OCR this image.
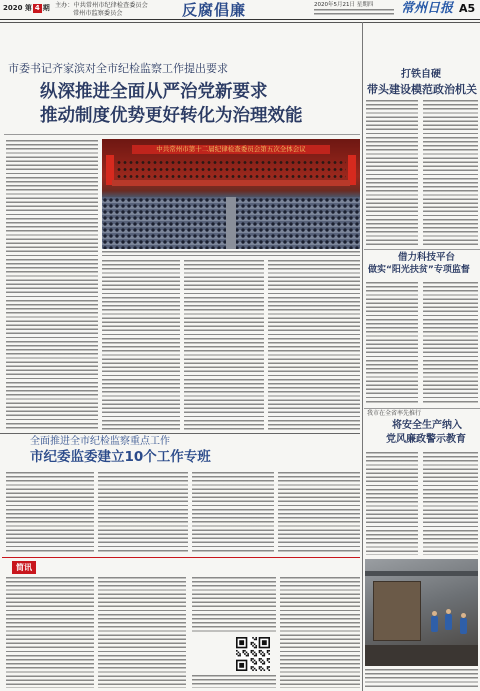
2020 第 4 期 主办：中共常州市纪律检查委员会
常州市监察委员会	反腐倡廉	2020年5月21日 星期四 常州日报 A5
市委书记齐家滨对全市纪检监察工作提出要求
纵深推进全面从严治党新要求
推动制度优势更好转化为治理效能
中共常州市第十二届纪律检查委员会第五次全体会议
全面推进全市纪检监察重点工作
市纪委监委建立10个工作专班
简讯
打铁自硬
带头建设模范政治机关
借力科技平台
做实“阳光扶贫”专项监督
我市在全省率先推行
将安全生产纳入
党风廉政警示教育
